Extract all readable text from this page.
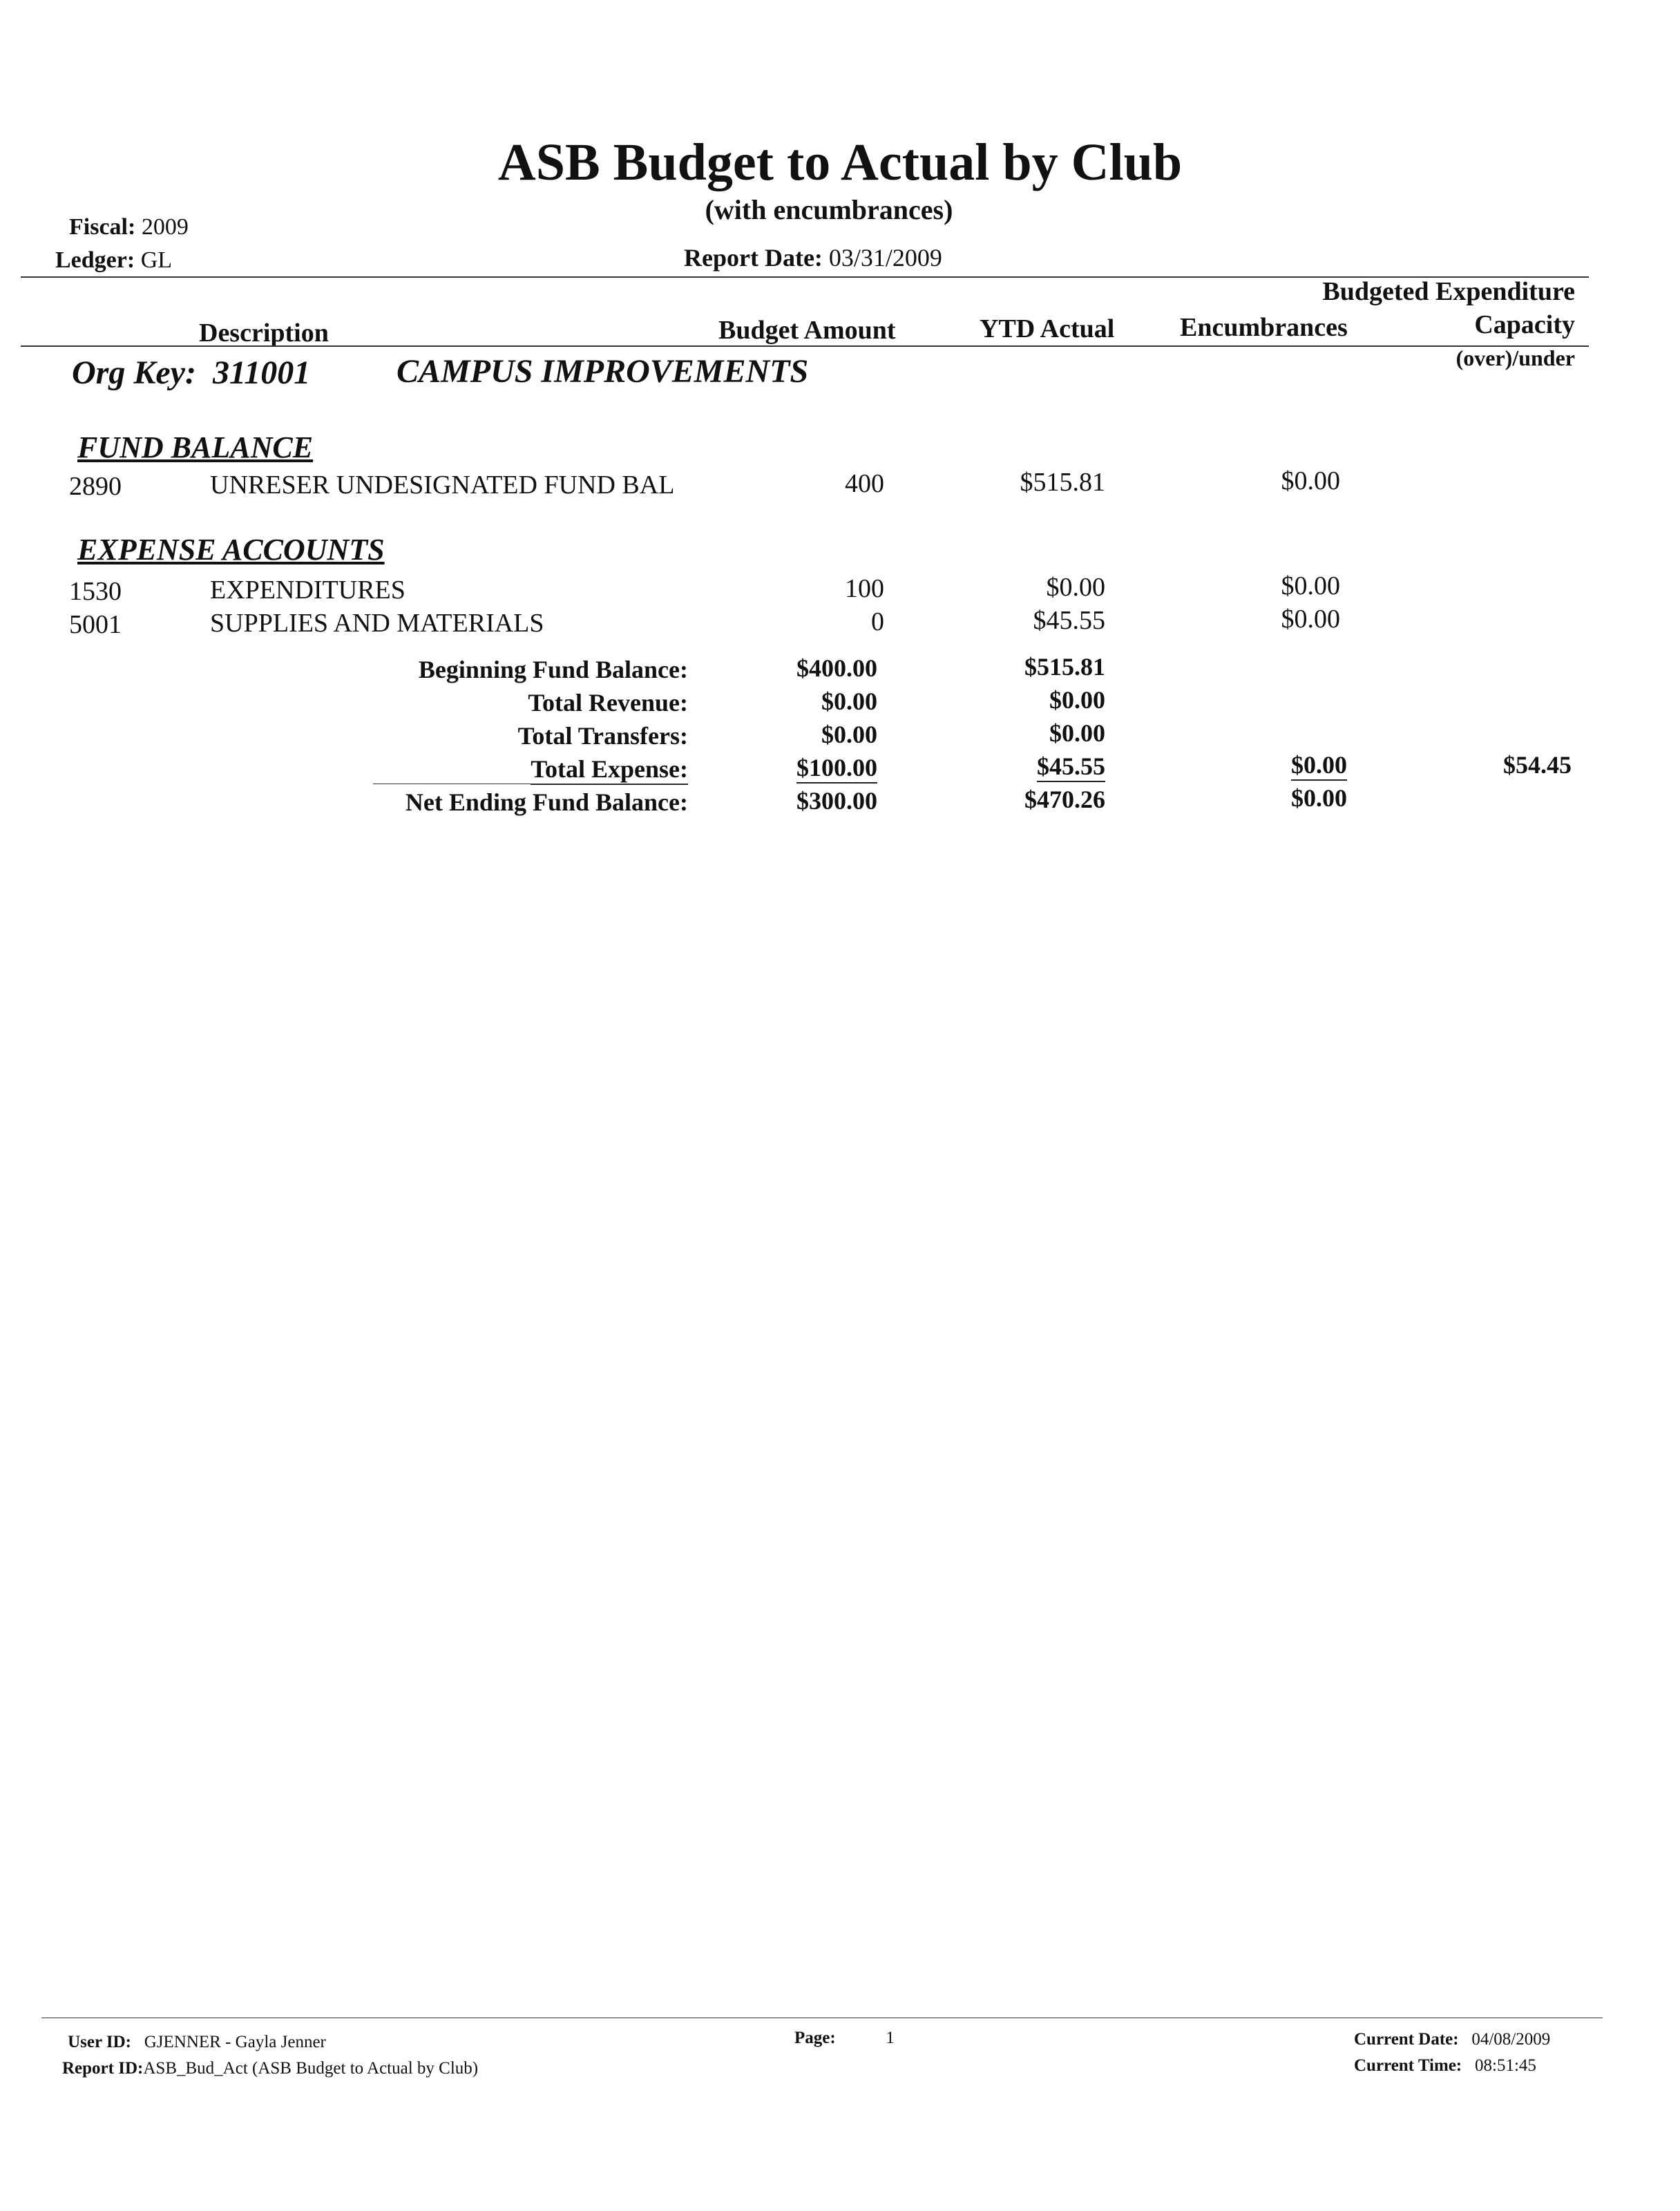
ASB Budget to Actual by Club
(with encumbrances)
Fiscal: 2009
Ledger: GL	Report Date: 03/31/2009
Description	Budget Amount	YTD Actual Encumbrances
Budgeted Expenditure
Capacity
(over)/under
Org Key: 311001	CAMPUS IMPROVEMENTS
FUND BALANCE
2890	UNRESER UNDESIGNATED FUND BAL	400	$515.81	$0.00
EXPENSE ACCOUNTS
1530	EXPENDITURES	100	$0.00	$0.00
5001	SUPPLIES AND MATERIALS	0	$45.55	$0.00
Beginning Fund Balance:	$400.00	$515.81
Total Revenue:	$0.00	$0.00
Total Transfers:	$0.00	$0.00
Total Expense:	$100.00	$45.55	$0.00	$54.45
Net Ending Fund Balance:	$300.00	$470.26	$0.00
User ID: GJENNER - Gayla Jenner
Report ID:   ASB_Bud_Act (ASB Budget to Actual by Club)
Page:	1	Current Date: 04/08/2009
Current Time: 08:51:45
